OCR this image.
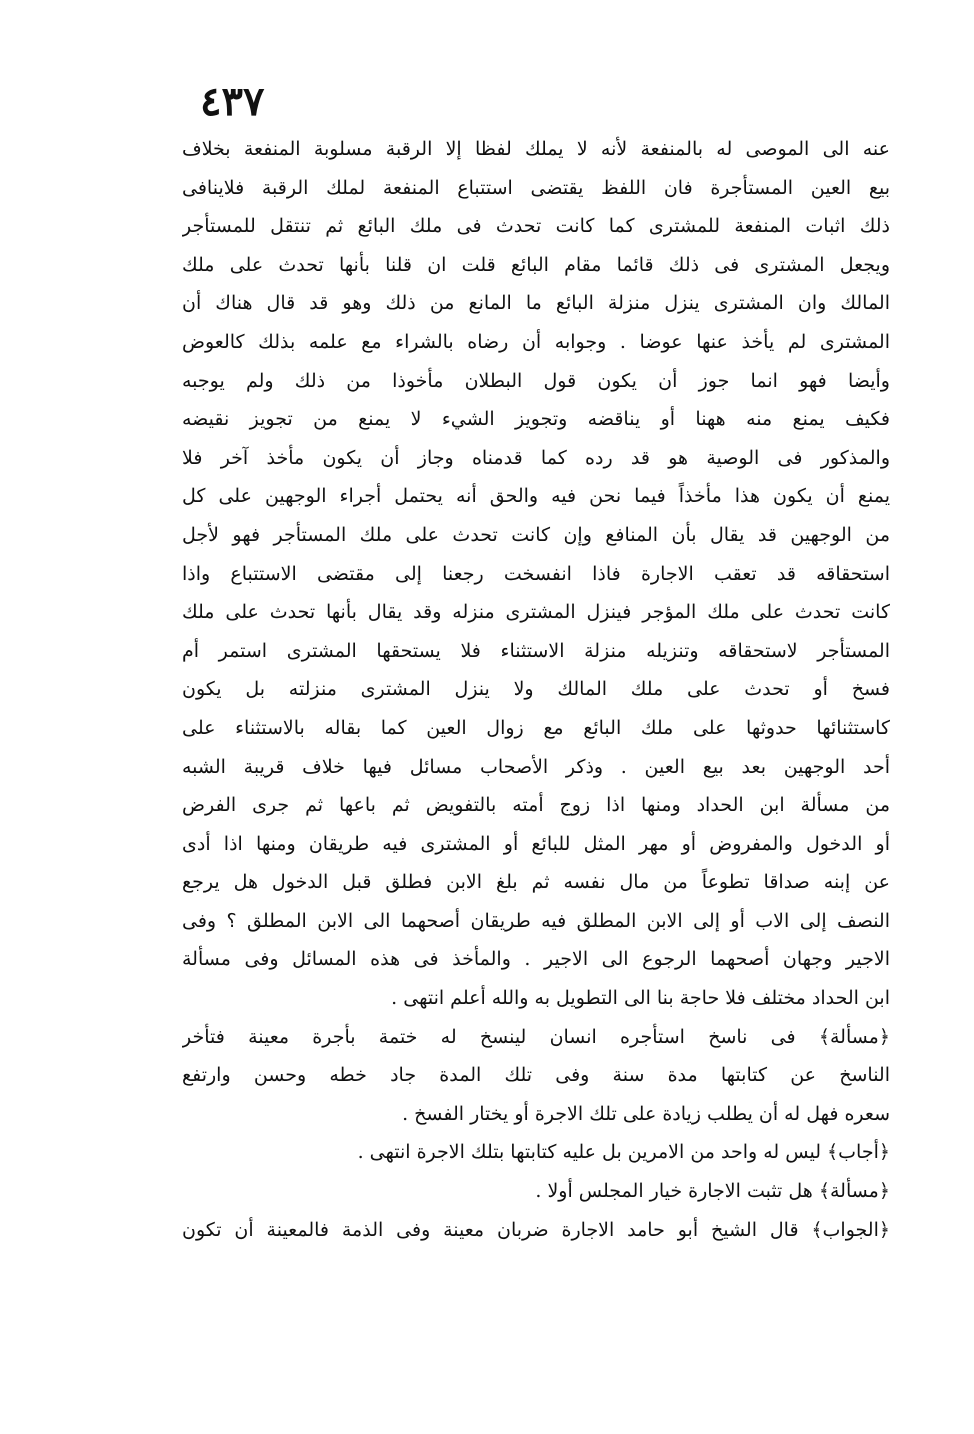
٤٣٧
عنه الى الموصى له بالمنفعة لأنه لا يملك لفظا إلا الرقبة مسلوبة المنفعة بخلاف
بيع العين المستأجرة فان اللفظ يقتضى استتباع المنفعة لملك الرقبة فلاينافى
ذلك اثبات المنفعة للمشترى كما كانت تحدث فى ملك البائع ثم تنتقل للمستأجر
ويجعل المشترى فى ذلك قائما مقام البائع قلت ان قلنا بأنها تحدث على ملك
المالك وان المشترى ينزل منزلة البائع ما المانع من ذلك وهو قد قال هناك أن
المشترى لم يأخذ عنها عوضا . وجوابه أن رضاه بالشراء مع علمه بذلك كالعوض
وأيضا فهو انما جوز أن يكون قول البطلان مأخوذا من ذلك ولم يوجبه
فكيف يمنع منه ههنا أو يناقضه وتجويز الشيء لا يمنع من تجويز نقيضه
والمذكور فى الوصية هو قد رده كما قدمناه وجاز أن يكون مأخذ آخر فلا
يمنع أن يكون هذا مأخذاً فيما نحن فيه والحق أنه يحتمل أجراء الوجهين على كل
من الوجهين قد يقال بأن المنافع وإن كانت تحدث على ملك المستأجر فهو لأجل
استحقاقه قد تعقب الاجارة فاذا انفسخت رجعنا إلى مقتضى الاستتباع واذا
كانت تحدث على ملك المؤجر فينزل المشترى منزله وقد يقال بأنها تحدث على ملك
المستأجر لاستحقاقه وتنزيله منزلة الاستثناء فلا يستحقها المشترى استمر أم
فسخ أو تحدث على ملك المالك ولا ينزل المشترى منزلته بل يكون
كاستثنائها حدوثها على ملك البائع مع زوال العين كما بقاله بالاستثناء على
أحد الوجهين بعد بيع العين . وذكر الأصحاب مسائل فيها خلاف قريبة الشبه
من مسألة ابن الحداد ومنها اذا زوج أمته بالتفويض ثم باعها ثم جرى الفرض
أو الدخول والمفروض أو مهر المثل للبائع أو المشترى فيه طريقان ومنها اذا أدى
عن إبنه صداقا تطوعاً من مال نفسه ثم بلغ الابن فطلق قبل الدخول هل يرجع
النصف إلى الاب أو إلى الابن المطلق فيه طريقان أصحهما الى الابن المطلق ؟ وفى
الاجير وجهان أصحهما الرجوع الى الاجير . والمأخذ فى هذه المسائل وفى مسألة
ابن الحداد مختلف فلا حاجة بنا الى التطويل به والله أعلم انتهى .
﴿مسألة﴾ فى ناسخ استأجره انسان لينسخ له ختمة بأجرة معينة فتأخر
الناسخ عن كتابتها مدة سنة وفى تلك المدة جاد خطه وحسن وارتفع
سعره فهل له أن يطلب زيادة على تلك الاجرة أو يختار الفسخ .
﴿أجاب﴾ ليس له واحد من الامرين بل عليه كتابتها بتلك الاجرة انتهى .
﴿مسألة﴾ هل تثبت الاجارة خيار المجلس أولا .
﴿الجواب﴾ قال الشيخ أبو حامد الاجارة ضربان معينة وفى الذمة فالمعينة أن تكون
